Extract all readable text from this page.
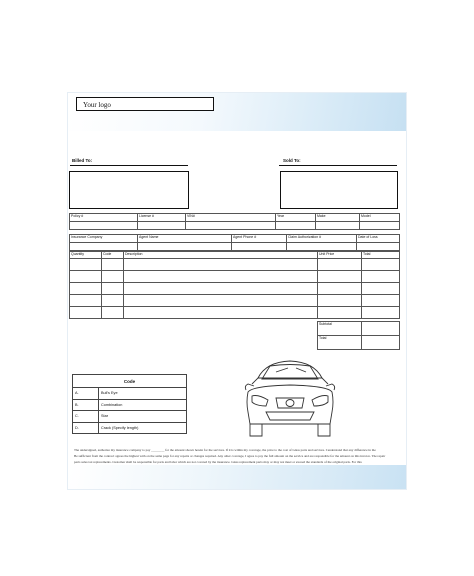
Your logo
Billed To:	Sold To:
Policy #	License #	VIN#	Year	Make	Model

Insurance Company	Agent Name	Agent Phone #	Claim Authorization #	Date of Loss

Quantity	Code	Description	Unit Price	Total

Subtotal	
Total	
Code	
A.	Bull's Eye
B.	Combination
C.	Star
D.	Crack (Specify length)
The undersigned, authorize my insurance company to pay ________ for the amount shown herein for the services. If it is within my coverage, the price to the cost of Glass parts and services. I understand that any difference in the
Be sufficient from the contract agrees the highest with on the same page for any repairs or changes required. Any other coverage, I agree to pay the full amount on the service and are responsible for the amount on this invoice. The repair
parts sales tax replacements. Customer shall be responsible for parts and labor which are not covered by the insurance. Glass replacement parts may or may not meet or exceed the standards of the original parts. For this
